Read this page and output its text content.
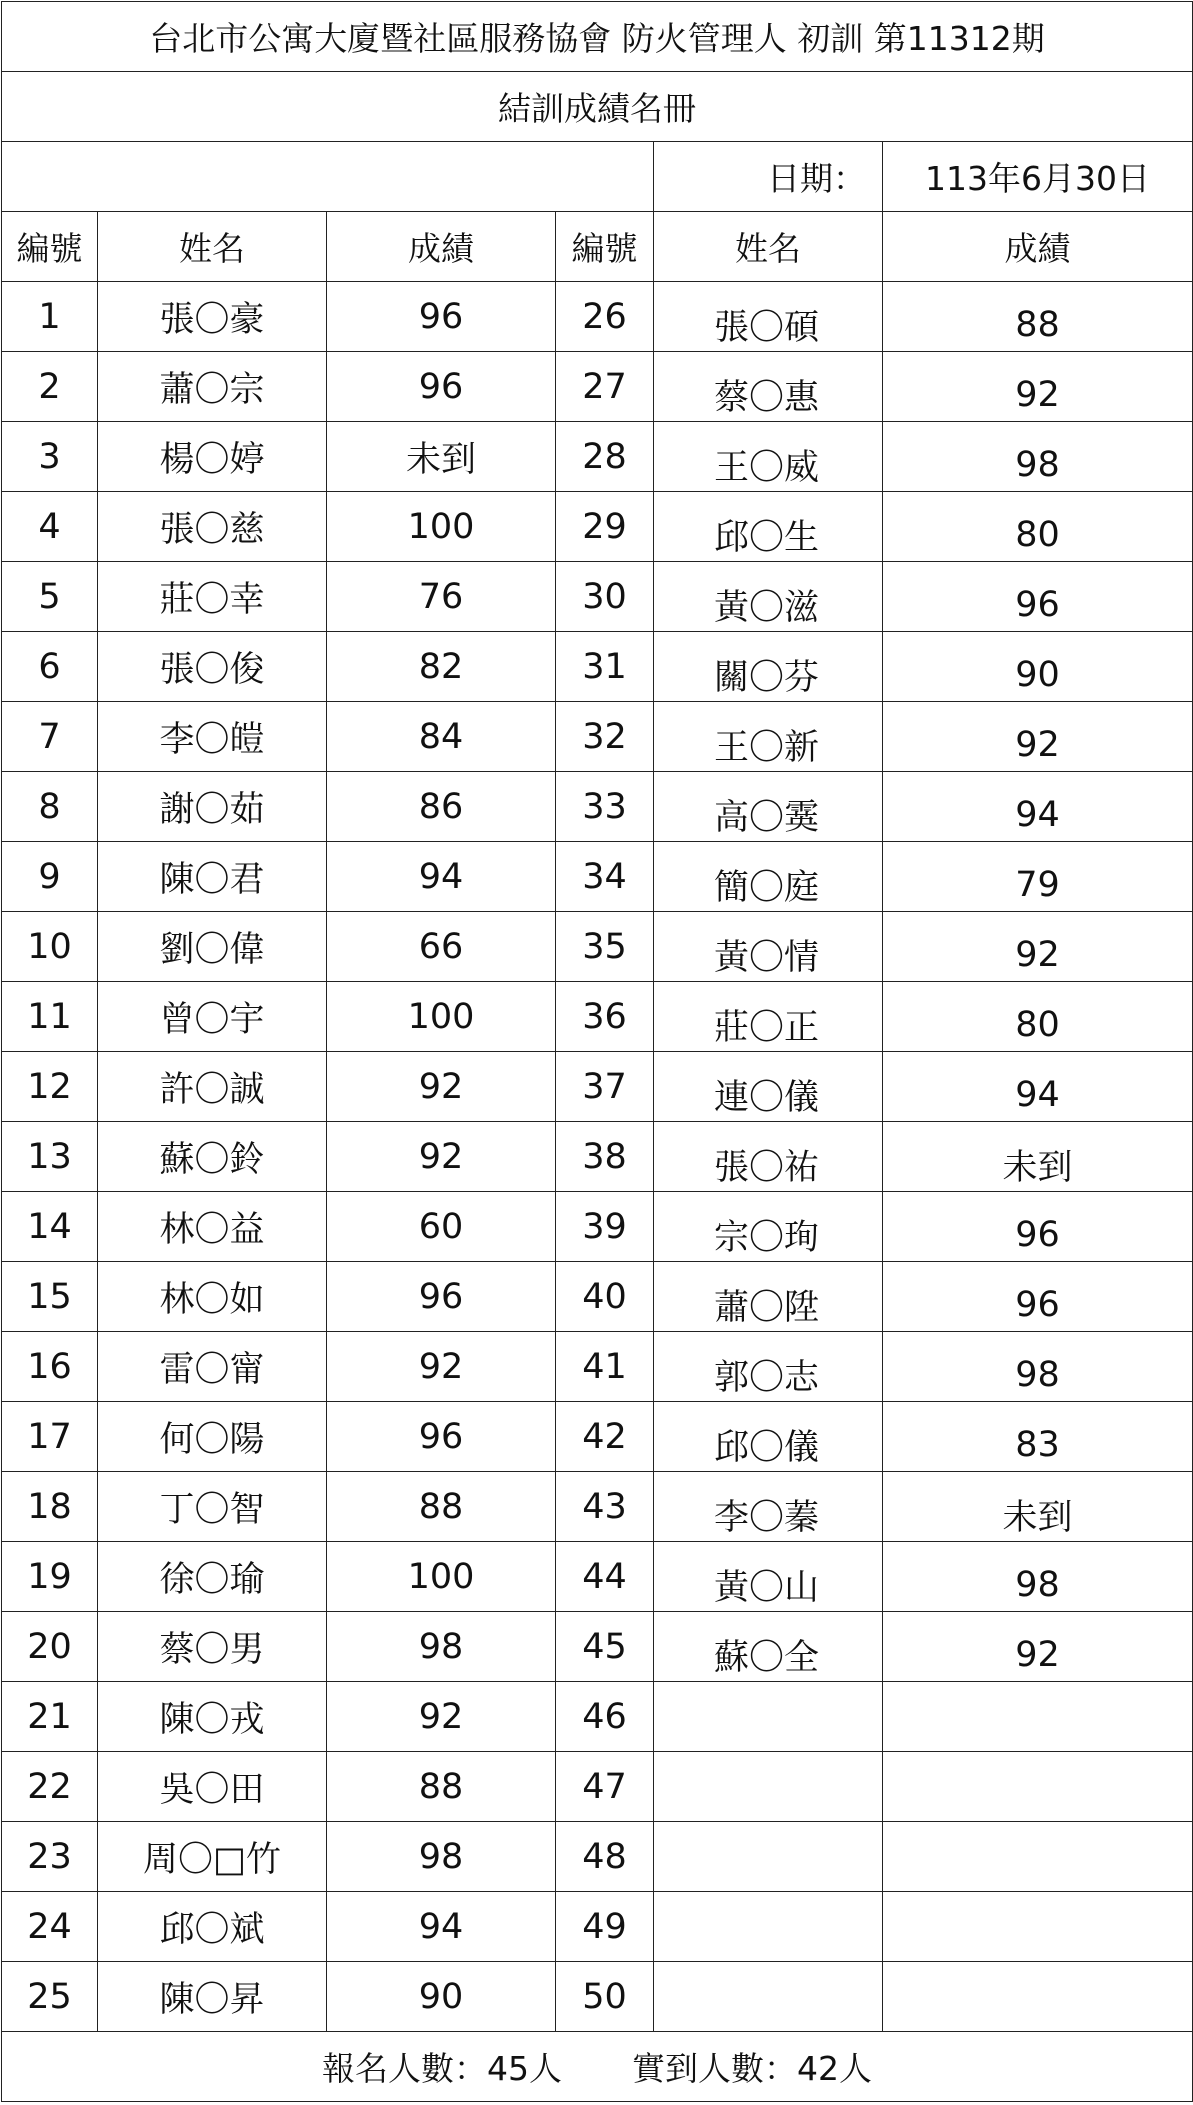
台北市公寓大廈暨社區服務協會 防火管理人 初訓 第11312期					
結訓成績名冊					
				日期：	113年6月30日
編號	姓名	成績	編號	姓名	成績
1	張〇豪	96	26	張〇碩	88
2	蕭〇宗	96	27	蔡〇惠	92
3	楊〇婷	未到	28	王〇威	98
4	張〇慈	100	29	邱〇生	80
5	莊〇幸	76	30	黃〇滋	96
6	張〇俊	82	31	關〇芬	90
7	李〇皚	84	32	王〇新	92
8	謝〇茹	86	33	高〇霙	94
9	陳〇君	94	34	簡〇庭	79
10	劉〇偉	66	35	黃〇情	92
11	曾〇宇	100	36	莊〇正	80
12	許〇誠	92	37	連〇儀	94
13	蘇〇鈴	92	38	張〇祐	未到
14	林〇益	60	39	宗〇珣	96
15	林〇如	96	40	蕭〇陞	96
16	雷〇甯	92	41	郭〇志	98
17	何〇陽	96	42	邱〇儀	83
18	丁〇智	88	43	李〇蓁	未到
19	徐〇瑜	100	44	黃〇山	98
20	蔡〇男	98	45	蘇〇全	92
21	陳〇戎	92	46		
22	吳〇田	88	47		
23	周〇□竹	98	48		
24	邱〇斌	94	49		
25	陳〇昇	90	50		
報名人數：45人 實到人數：42人					
